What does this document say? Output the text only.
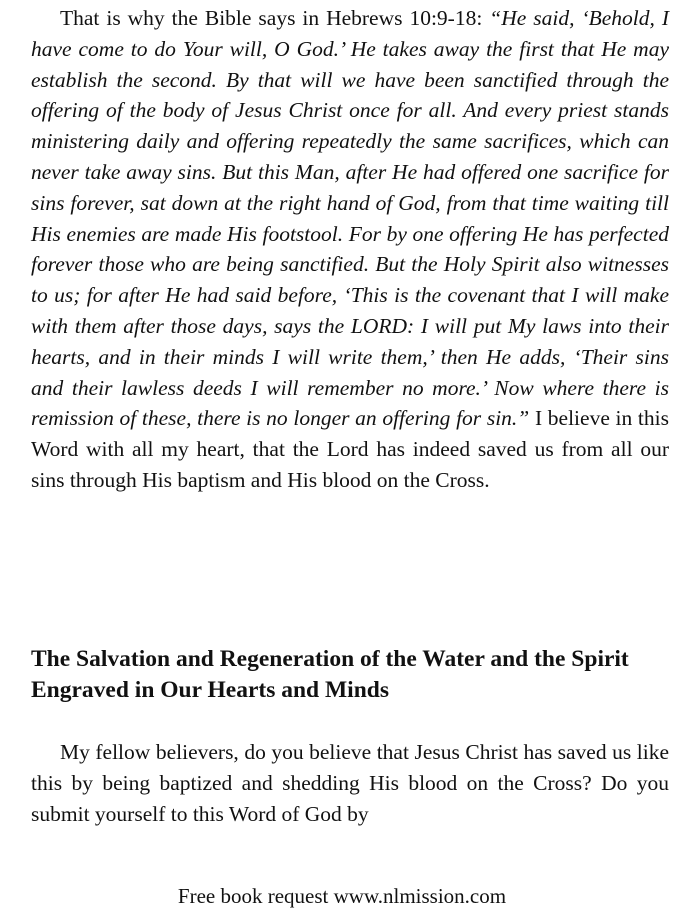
That is why the Bible says in Hebrews 10:9-18: “He said, ‘Behold, I have come to do Your will, O God.’ He takes away the first that He may establish the second. By that will we have been sanctified through the offering of the body of Jesus Christ once for all. And every priest stands ministering daily and offering repeatedly the same sacrifices, which can never take away sins. But this Man, after He had offered one sacrifice for sins forever, sat down at the right hand of God, from that time waiting till His enemies are made His footstool. For by one offering He has perfected forever those who are being sanctified. But the Holy Spirit also witnesses to us; for after He had said before, ‘This is the covenant that I will make with them after those days, says the LORD: I will put My laws into their hearts, and in their minds I will write them,’ then He adds, ‘Their sins and their lawless deeds I will remember no more.’ Now where there is remission of these, there is no longer an offering for sin.” I believe in this Word with all my heart, that the Lord has indeed saved us from all our sins through His baptism and His blood on the Cross.

The Salvation and Regeneration of the Water and the Spirit Engraved in Our Hearts and Minds

My fellow believers, do you believe that Jesus Christ has saved us like this by being baptized and shedding His blood on the Cross? Do you submit yourself to this Word of God by

Free book request www.nlmission.com
